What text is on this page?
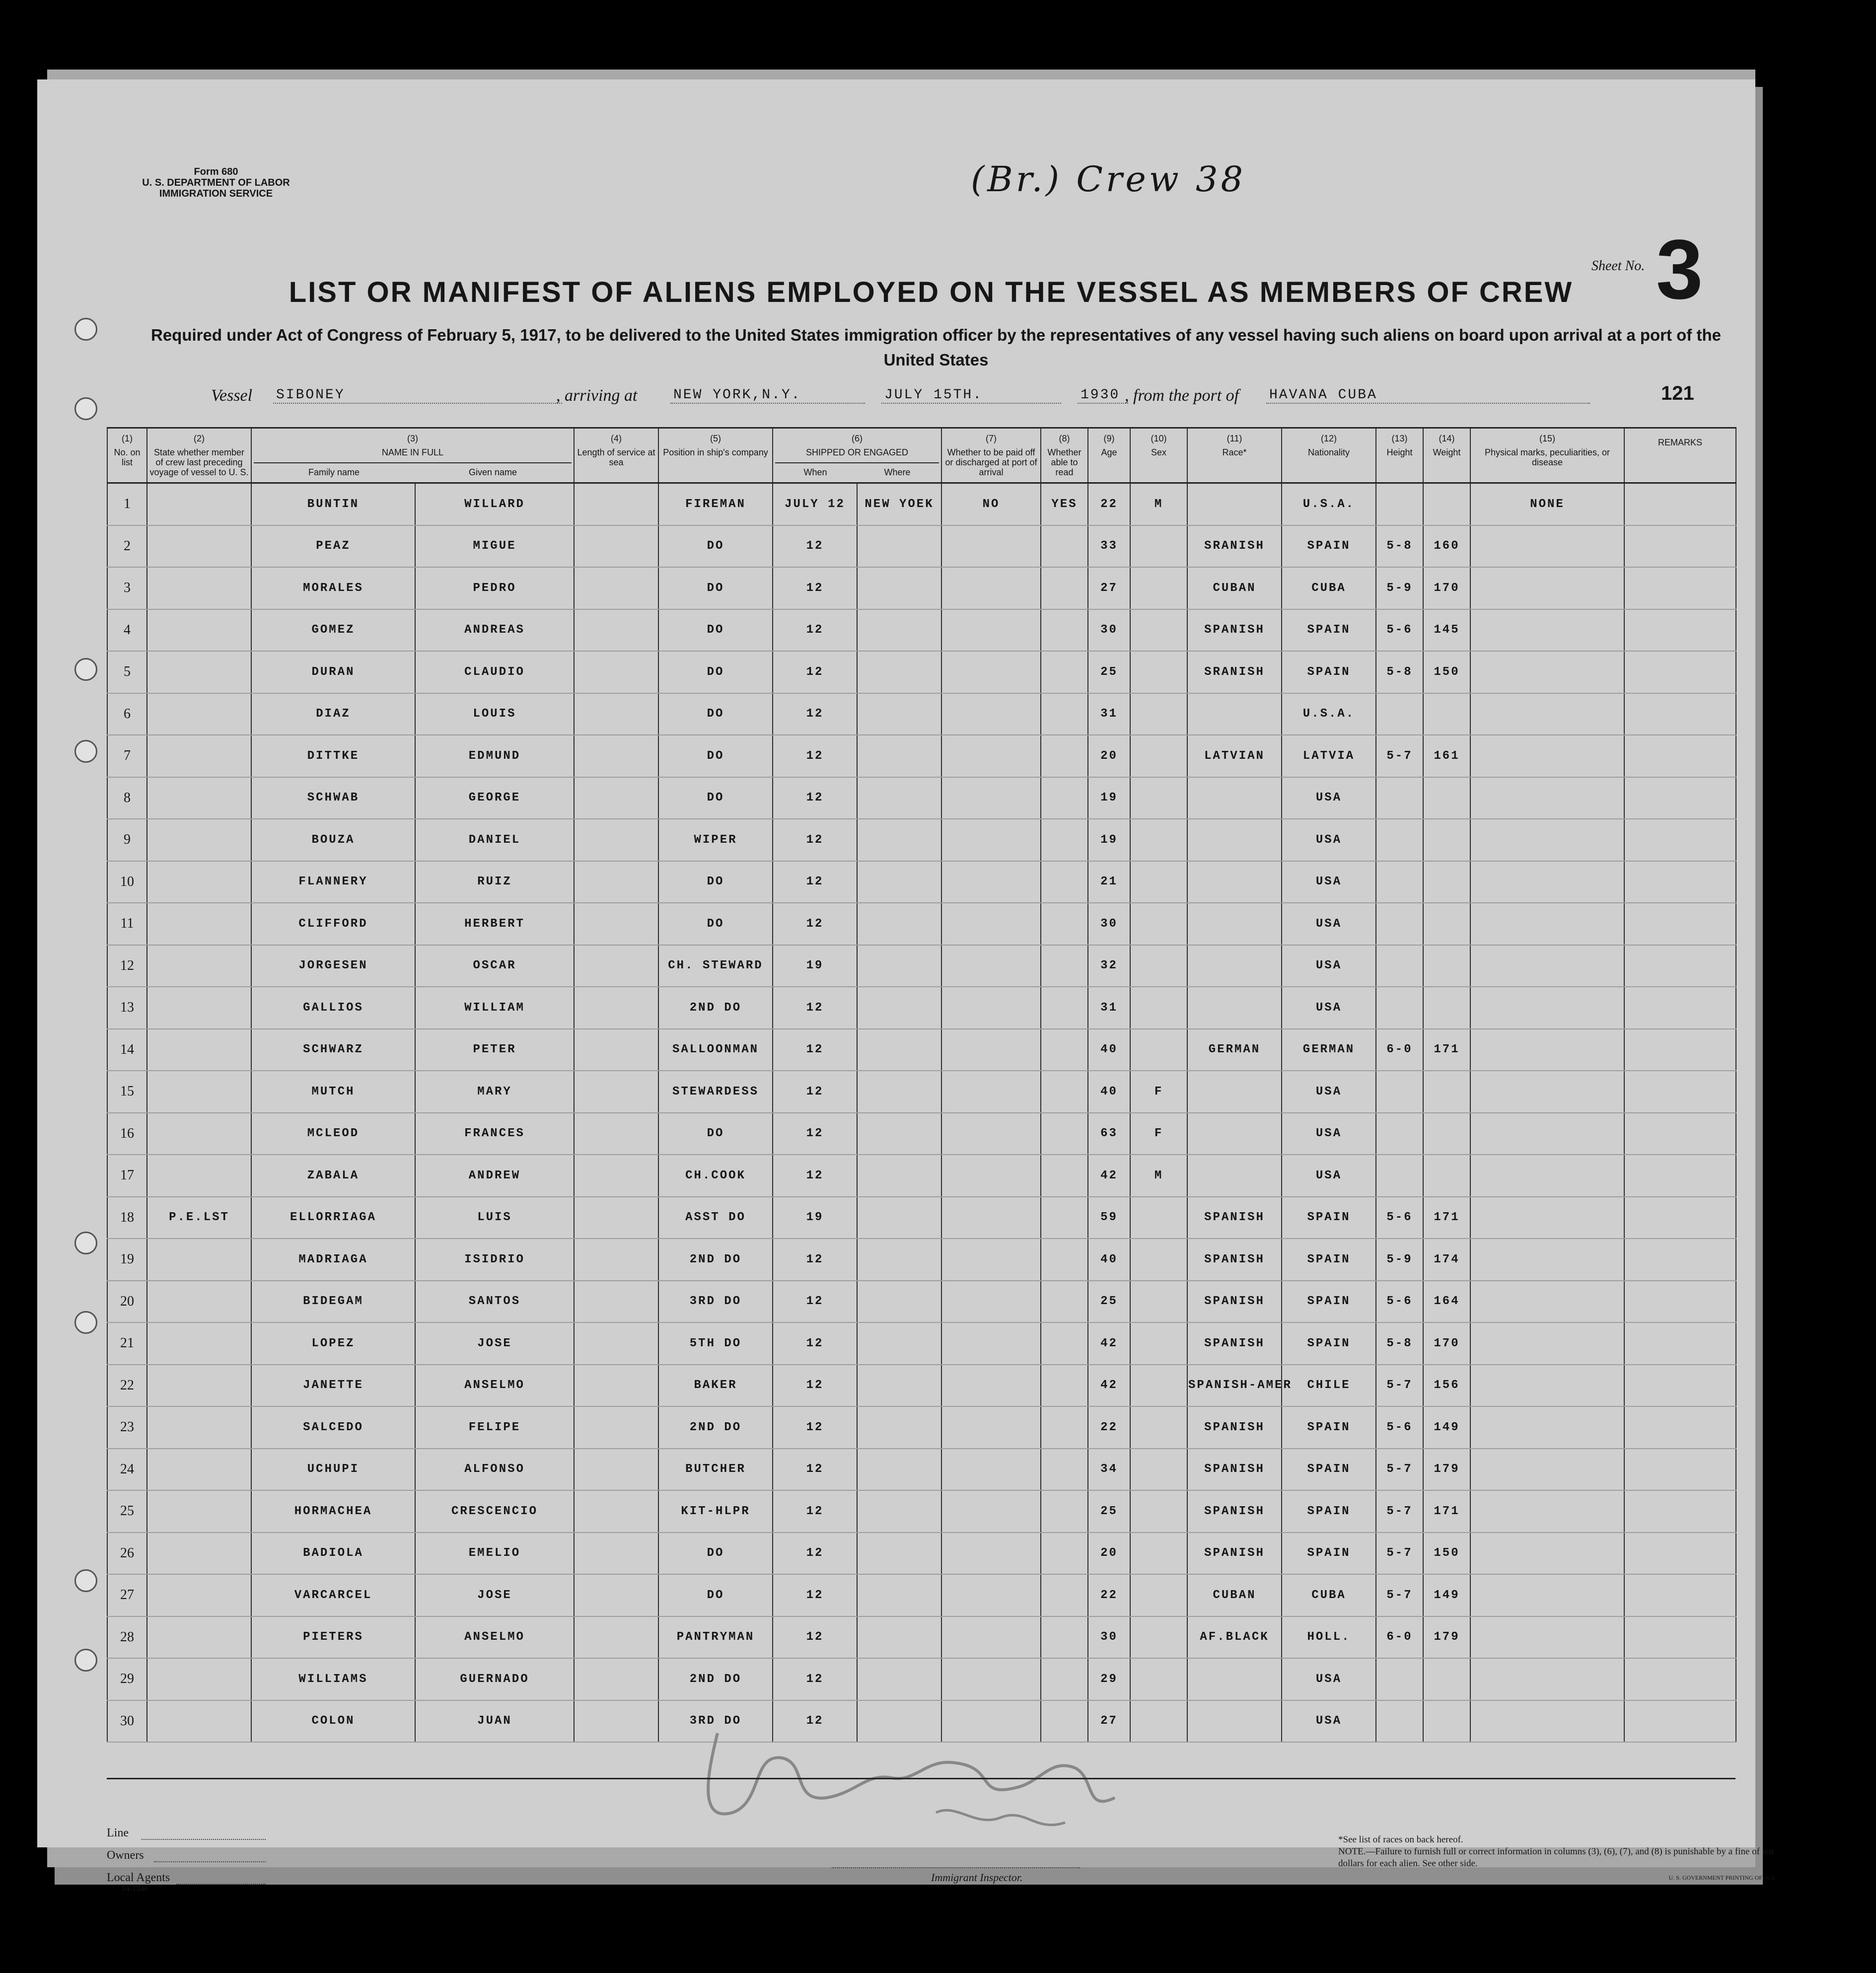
(Br.) Crew 38
Form 680
U. S. DEPARTMENT OF LABOR
IMMIGRATION SERVICE
Sheet No. 3
LIST OR MANIFEST OF ALIENS EMPLOYED ON THE VESSEL AS MEMBERS OF CREW
Required under Act of Congress of February 5, 1917, to be delivered to the United States immigration officer by the representatives of any vessel having such aliens on board upon arrival at a port of the United States
Vessel SIBONEY	, arriving at	NEW YORK,N.Y.	JULY 15TH.	1930 , from the port of HAVANA CUBA	121
(1)
No. on list	(2)
State whether member of crew last preceding voyage of vessel to U. S.	(3)
NAME IN FULL
Family name Given name		(4)
Length of service at sea	(5)
Position in ship's company	(6)
SHIPPED OR ENGAGED
When Where		(7)
Whether to be paid off or discharged at port of arrival	(8)
Whether able to read	(9)
Age	(10)
Sex	(11)
Race*	(12)
Nationality	(13)
Height	(14)
Weight	(15)
Physical marks, peculiarities, or disease	REMARKS
1		BUNTIN	WILLARD		FIREMAN	JULY 12	NEW YOEK	NO	YES	22	M		U.S.A.			NONE	
2		PEAZ	MIGUE		DO	12				33		SRANISH	SPAIN	5-8	160		
3		MORALES	PEDRO		DO	12				27		CUBAN	CUBA	5-9	170		
4		GOMEZ	ANDREAS		DO	12				30		SPANISH	SPAIN	5-6	145		
5		DURAN	CLAUDIO		DO	12				25		SRANISH	SPAIN	5-8	150		
6		DIAZ	LOUIS		DO	12				31			U.S.A.				
7		DITTKE	EDMUND		DO	12				20		LATVIAN	LATVIA	5-7	161		
8		SCHWAB	GEORGE		DO	12				19			USA				
9		BOUZA	DANIEL		WIPER	12				19			USA				
10		FLANNERY	RUIZ		DO	12				21			USA				
11		CLIFFORD	HERBERT		DO	12				30			USA				
12		JORGESEN	OSCAR		CH. STEWARD	19				32			USA				
13		GALLIOS	WILLIAM		2ND DO	12				31			USA				
14		SCHWARZ	PETER		SALLOONMAN	12				40		GERMAN	GERMAN	6-0	171		
15		MUTCH	MARY		STEWARDESS	12				40	F		USA				
16		MCLEOD	FRANCES		DO	12				63	F		USA				
17		ZABALA	ANDREW		CH.COOK	12				42	M		USA				
18	P.E.LST	ELLORRIAGA	LUIS		ASST DO	19				59		SPANISH	SPAIN	5-6	171		
19		MADRIAGA	ISIDRIO		2ND DO	12				40		SPANISH	SPAIN	5-9	174		
20		BIDEGAM	SANTOS		3RD DO	12				25		SPANISH	SPAIN	5-6	164		
21		LOPEZ	JOSE		5TH DO	12				42		SPANISH	SPAIN	5-8	170		
22		JANETTE	ANSELMO		BAKER	12				42		SPANISH-AMER	CHILE	5-7	156		
23		SALCEDO	FELIPE		2ND DO	12				22		SPANISH	SPAIN	5-6	149		
24		UCHUPI	ALFONSO		BUTCHER	12				34		SPANISH	SPAIN	5-7	179		
25		HORMACHEA	CRESCENCIO		KIT-HLPR	12				25		SPANISH	SPAIN	5-7	171		
26		BADIOLA	EMELIO		DO	12				20		SPANISH	SPAIN	5-7	150		
27		VARCARCEL	JOSE		DO	12				22		CUBAN	CUBA	5-7	149		
28		PIETERS	ANSELMO		PANTRYMAN	12				30		AF.BLACK	HOLL.	6-0	179		
29		WILLIAMS	GUERNADO		2ND DO	12				29			USA				
30		COLON	JUAN		3RD DO	12				27			USA				
Line
Owners
Local Agents
14-1240
Immigrant Inspector.
*See list of races on back hereof.
NOTE.—Failure to furnish full or correct information in columns (3), (6), (7), and (8) is punishable by a fine of ten dollars for each alien. See other side.
U. S. GOVERNMENT PRINTING OFFICE
